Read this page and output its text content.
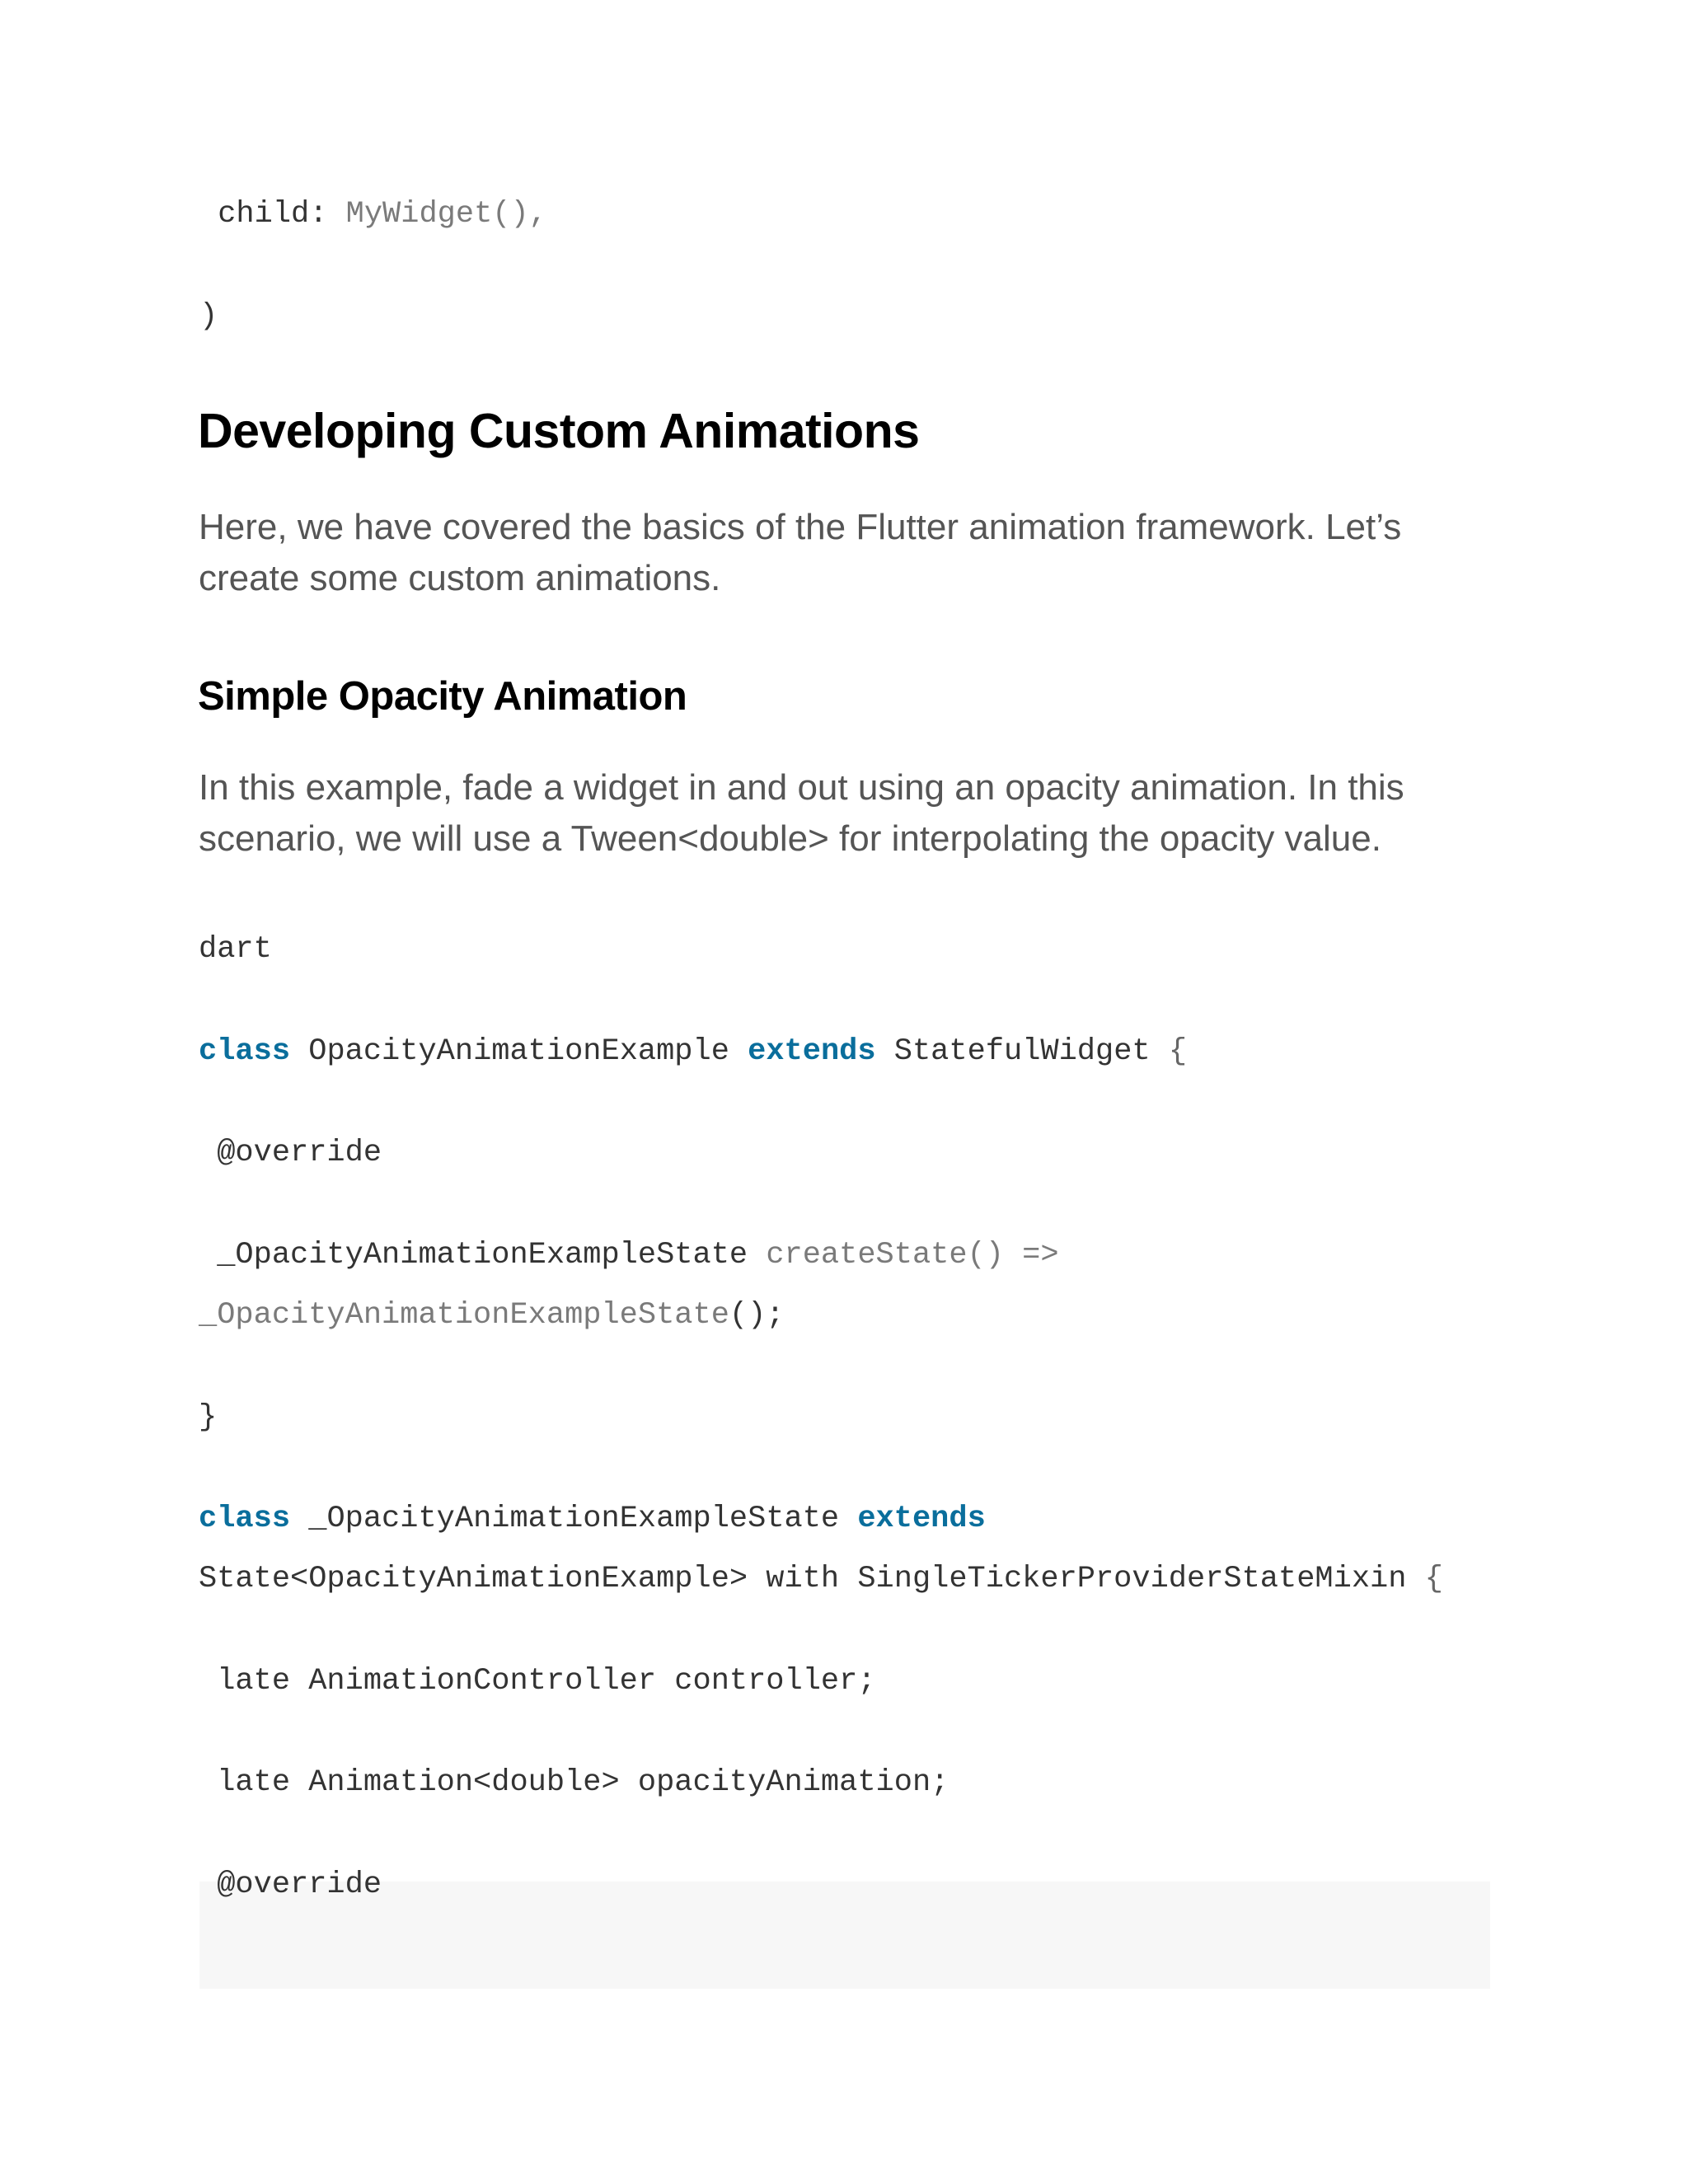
child: MyWidget(),
)
Developing Custom Animations
Here, we have covered the basics of the Flutter animation framework. Let’s
create some custom animations.
Simple Opacity Animation
In this example, fade a widget in and out using an opacity animation. In this
scenario, we will use a Tween<double> for interpolating the opacity value.
dart
class OpacityAnimationExample extends StatefulWidget {
@override
_OpacityAnimationExampleState createState() =>
_OpacityAnimationExampleState();
}
class _OpacityAnimationExampleState extends
State<OpacityAnimationExample> with SingleTickerProviderStateMixin {
late AnimationController controller;
late Animation<double> opacityAnimation;
@override
